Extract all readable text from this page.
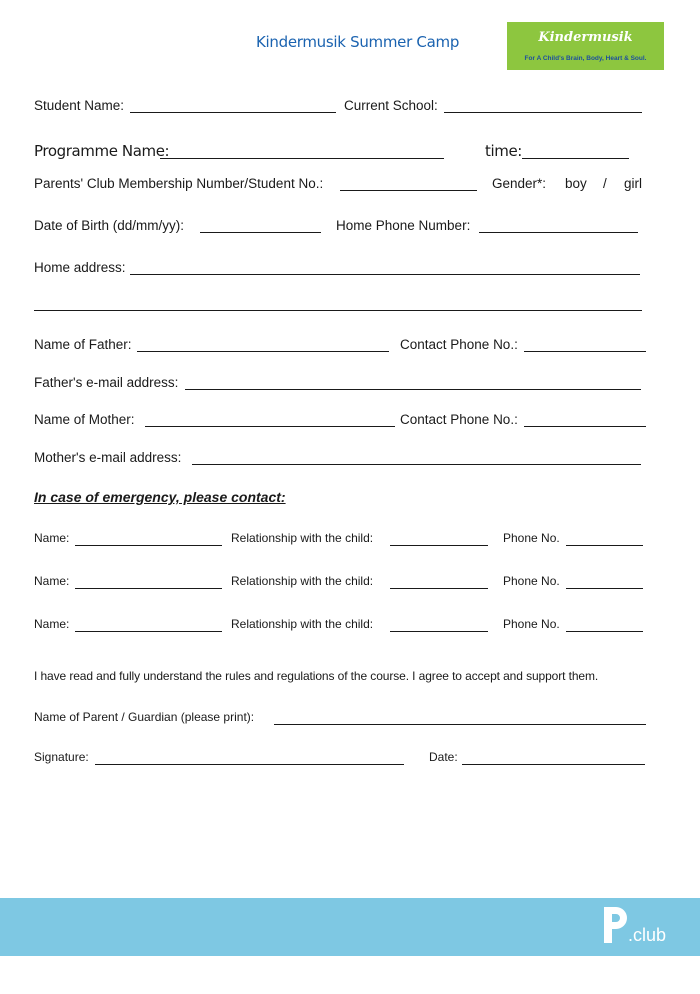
Kindermusik Summer Camp	Kindermusik
For A Child's Brain, Body, Heart & Soul.
Student Name:	Current School:
Programme Name:	time:
Parents' Club Membership Number/Student No.:	Gender*: boy / girl
Date of Birth (dd/mm/yy):	Home Phone Number:
Home address:
Name of Father:	Contact Phone No.:
Father's e-mail address:
Name of Mother:	Contact Phone No.:
Mother's e-mail address:
In case of emergency, please contact:
Name:	Relationship with the child:	Phone No.
Name:	Relationship with the child:	Phone No.
Name:	Relationship with the child:	Phone No.
I have read and fully understand the rules and regulations of the course. I agree to accept and support them.
Name of Parent / Guardian (please print):
Signature:	Date:
.club
